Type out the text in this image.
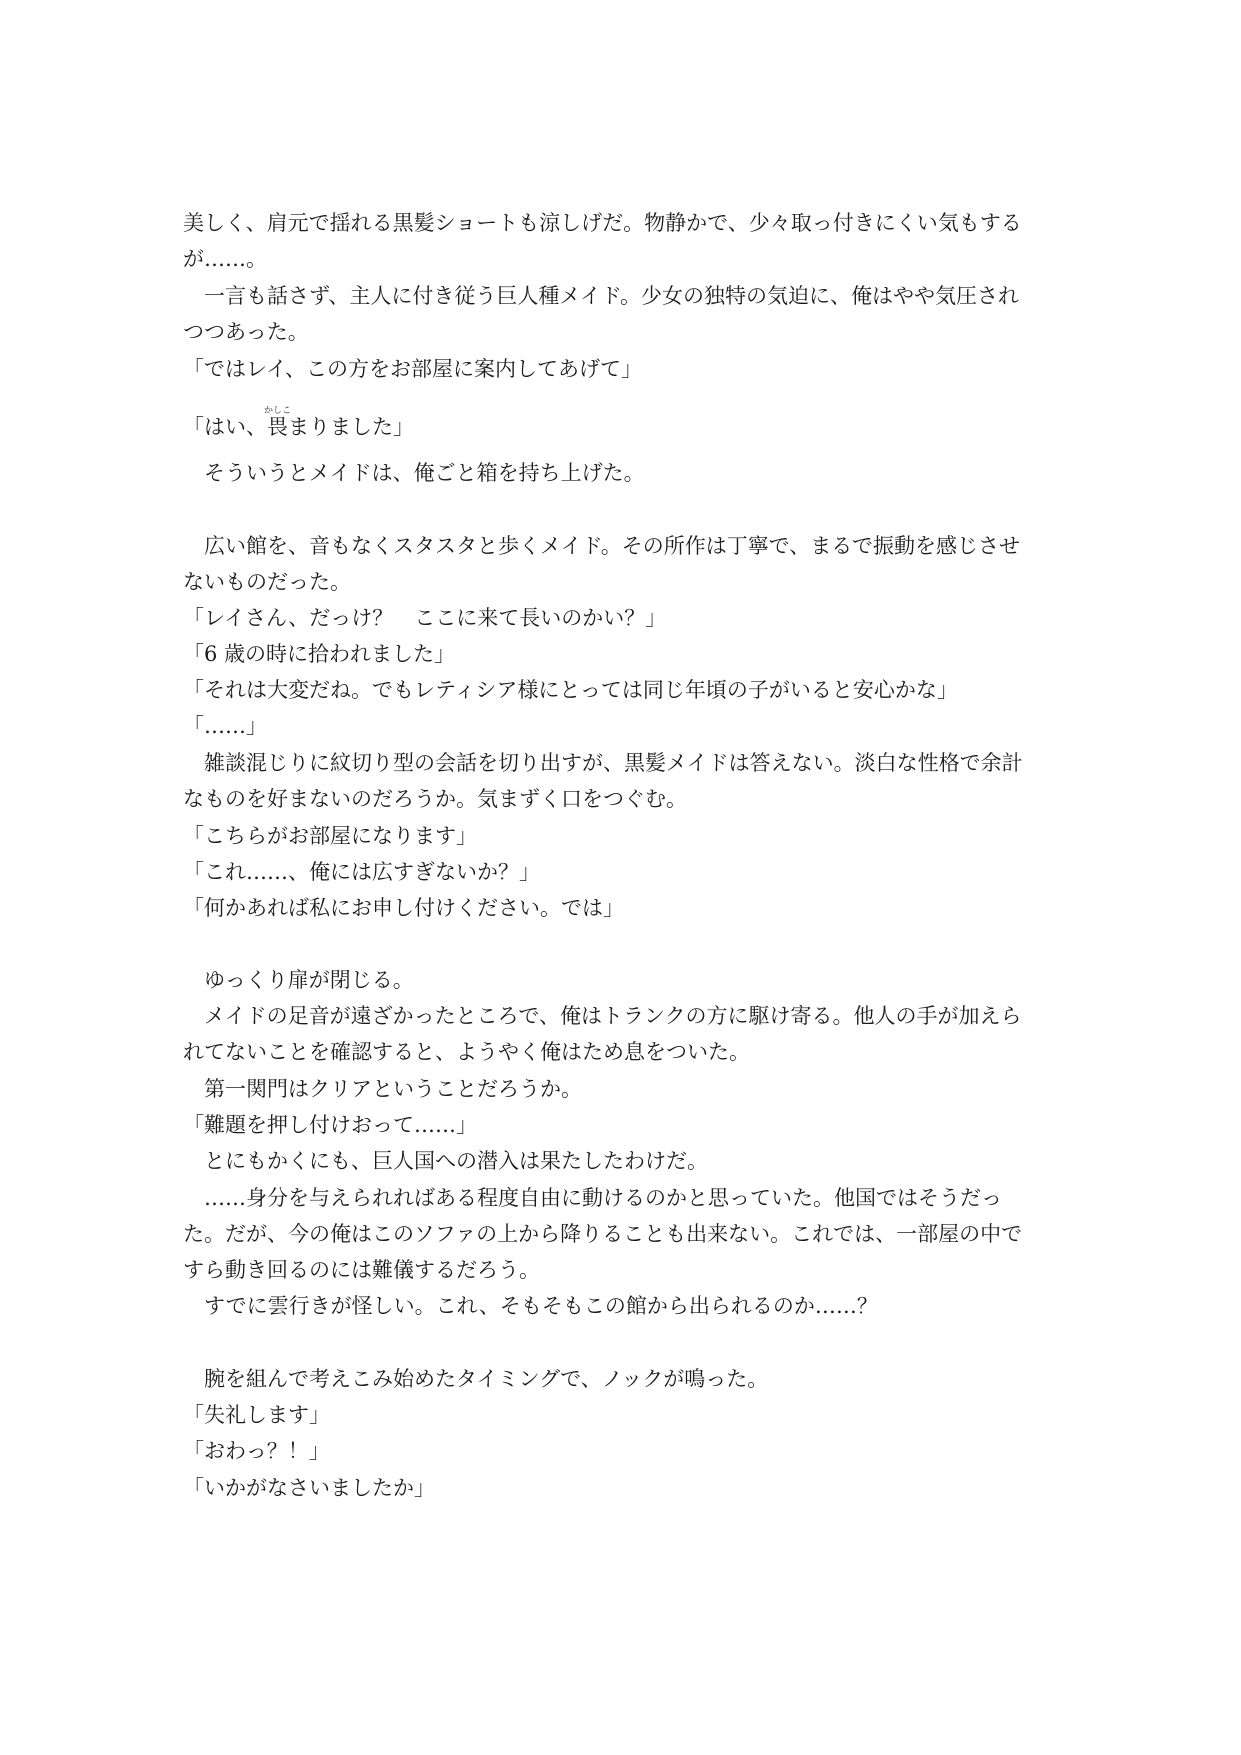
美しく、肩元で揺れる黒髪ショートも涼しげだ。物静かで、少々取っ付きにくい気もする
が……。
　一言も話さず、主人に付き従う巨人種メイド。少女の独特の気迫に、俺はやや気圧され
つつあった。
「ではレイ、この方をお部屋に案内してあげて」
「はい、畏かしこまりました」
　そういうとメイドは、俺ごと箱を持ち上げた。
　広い館を、音もなくスタスタと歩くメイド。その所作は丁寧で、まるで振動を感じさせ
ないものだった。
「レイさん、だっけ？　ここに来て長いのかい？」
「6 歳の時に拾われました」
「それは大変だね。でもレティシア様にとっては同じ年頃の子がいると安心かな」
「……」
　雑談混じりに紋切り型の会話を切り出すが、黒髪メイドは答えない。淡白な性格で余計
なものを好まないのだろうか。気まずく口をつぐむ。
「こちらがお部屋になります」
「これ……、俺には広すぎないか？」
「何かあれば私にお申し付けください。では」
　ゆっくり扉が閉じる。
　メイドの足音が遠ざかったところで、俺はトランクの方に駆け寄る。他人の手が加えら
れてないことを確認すると、ようやく俺はため息をついた。
　第一関門はクリアということだろうか。
「難題を押し付けおって……」
　とにもかくにも、巨人国への潜入は果たしたわけだ。
　……身分を与えられればある程度自由に動けるのかと思っていた。他国ではそうだっ
た。だが、今の俺はこのソファの上から降りることも出来ない。これでは、一部屋の中で
すら動き回るのには難儀するだろう。
　すでに雲行きが怪しい。これ、そもそもこの館から出られるのか……？
　腕を組んで考えこみ始めたタイミングで、ノックが鳴った。
「失礼します」
「おわっ？！」
「いかがなさいましたか」
